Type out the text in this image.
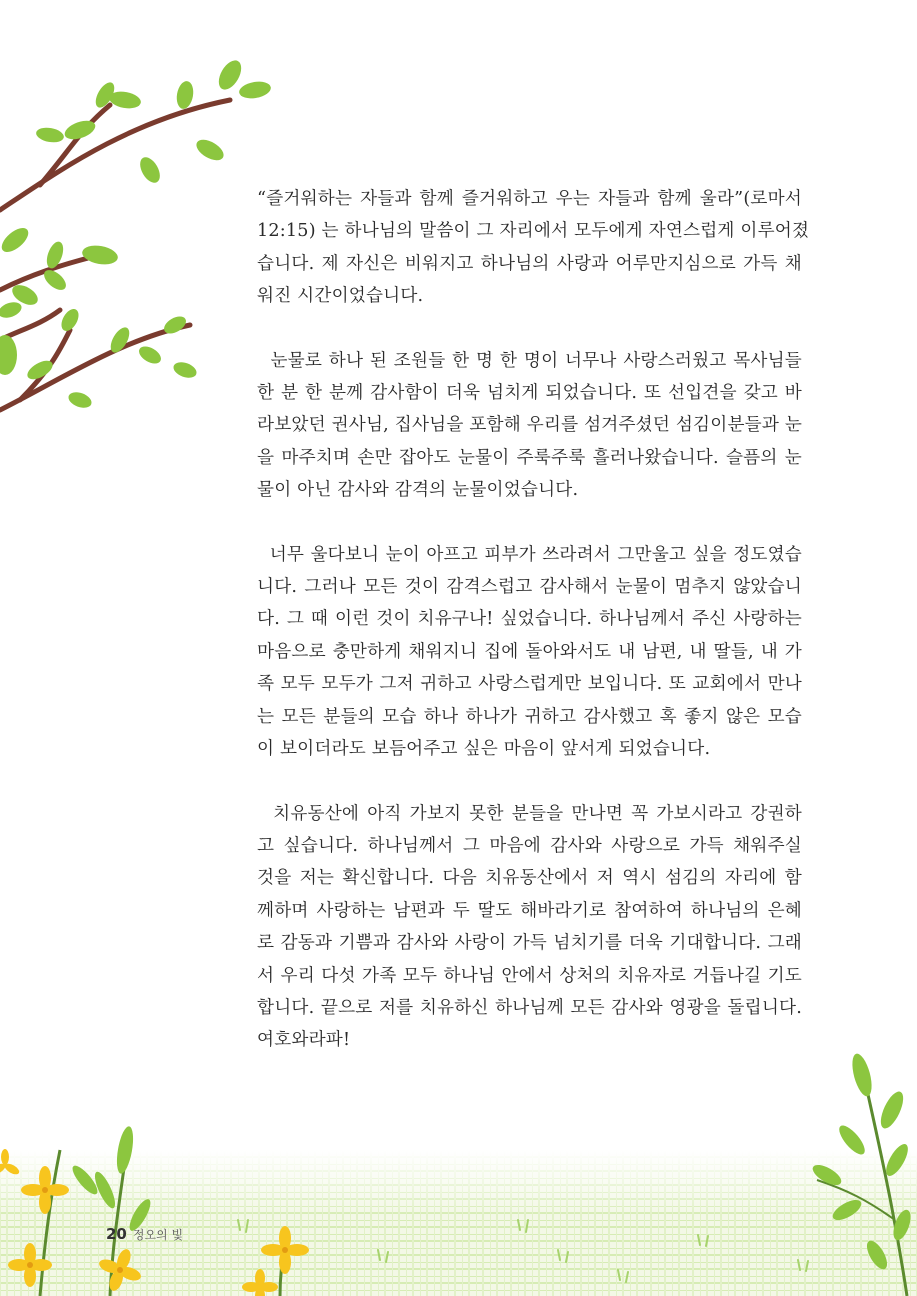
“즐거워하는 자들과 함께 즐거워하고 우는 자들과 함께 울라”(로마서
12:15) 는 하나님의 말씀이 그 자리에서 모두에게 자연스럽게 이루어졌
습니다. 제 자신은 비워지고 하나님의 사랑과 어루만지심으로 가득 채
워진 시간이었습니다.

눈물로 하나 된 조원들 한 명 한 명이 너무나 사랑스러웠고 목사님들
한 분 한 분께 감사함이 더욱 넘치게 되었습니다. 또 선입견을 갖고 바
라보았던 권사님, 집사님을 포함해 우리를 섬겨주셨던 섬김이분들과 눈
을 마주치며 손만 잡아도 눈물이 주룩주룩 흘러나왔습니다. 슬픔의 눈
물이 아닌 감사와 감격의 눈물이었습니다.

너무 울다보니 눈이 아프고 피부가 쓰라려서 그만울고 싶을 정도였습
니다. 그러나 모든 것이 감격스럽고 감사해서 눈물이 멈추지 않았습니
다. 그 때 이런 것이 치유구나! 싶었습니다. 하나님께서 주신 사랑하는
마음으로 충만하게 채워지니 집에 돌아와서도 내 남편, 내 딸들, 내 가
족 모두 모두가 그저 귀하고 사랑스럽게만 보입니다. 또 교회에서 만나
는 모든 분들의 모습 하나 하나가 귀하고 감사했고 혹 좋지 않은 모습
이 보이더라도 보듬어주고 싶은 마음이 앞서게 되었습니다.

치유동산에 아직 가보지 못한 분들을 만나면 꼭 가보시라고 강권하
고 싶습니다. 하나님께서 그 마음에 감사와 사랑으로 가득 채워주실
것을 저는 확신합니다. 다음 치유동산에서 저 역시 섬김의 자리에 함
께하며 사랑하는 남편과 두 딸도 해바라기로 참여하여 하나님의 은혜
로 감동과 기쁨과 감사와 사랑이 가득 넘치기를 더욱 기대합니다. 그래
서 우리 다섯 가족 모두 하나님 안에서 상처의 치유자로 거듭나길 기도
합니다. 끝으로 저를 치유하신 하나님께 모든 감사와 영광을 돌립니다.
여호와라파!

20 정오의 빛
